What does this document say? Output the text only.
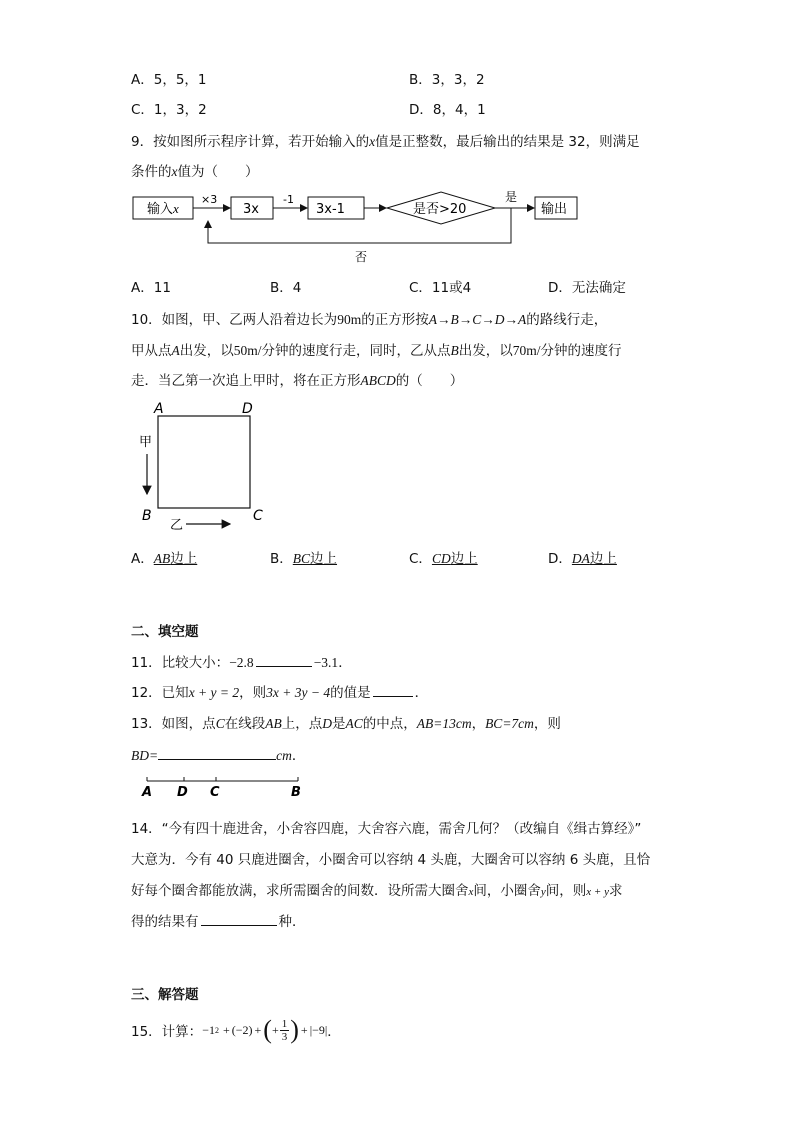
A．5，5，1	B．3，3，2
C．1，3，2	D．8，4，1
9．按如图所示程序计算，若开始输入的x值是正整数，最后输出的结果是 32，则满足
条件的x值为（　　）
输入x
×3
3x
-1
3x-1	是否>20
是
输出
否
A．11	B．4	C．11或4	D．无法确定
10．如图，甲、乙两人沿着边长为90m的正方形按A→B→C→D→A的路线行走，
甲从点A出发，以50m/分钟的速度行走，同时，乙从点B出发，以70m/分钟的速度行
走．当乙第一次追上甲时，将在正方形ABCD的（　　）
A	D
B	C
甲
乙
A．AB边上	B．BC边上	C．CD边上	D．DA边上
二、填空题
11．比较大小：−2.8	−3.1．
12．已知x + y = 2，则3x + 3y − 4的值是	．
13．如图，点C在线段AB上，点D是AC的中点，AB=13cm，BC=7cm，则
BD=	cm．
A D C	B
14．“今有四十鹿进舍，小舍容四鹿，大舍容六鹿，需舍几何？（改编自《缉古算经》”
大意为．今有 40 只鹿进圈舍，小圈舍可以容纳 4 头鹿，大圈舍可以容纳 6 头鹿，且恰
好每个圈舍都能放满，求所需圈舍的间数．设所需大圈舍x间，小圈舍y间，则x + y求
得的结果有	种．
三、解答题
15．计算： −1 2 + (−2) + ( + $\frac{1}{3}$ ) + |−9| ．
